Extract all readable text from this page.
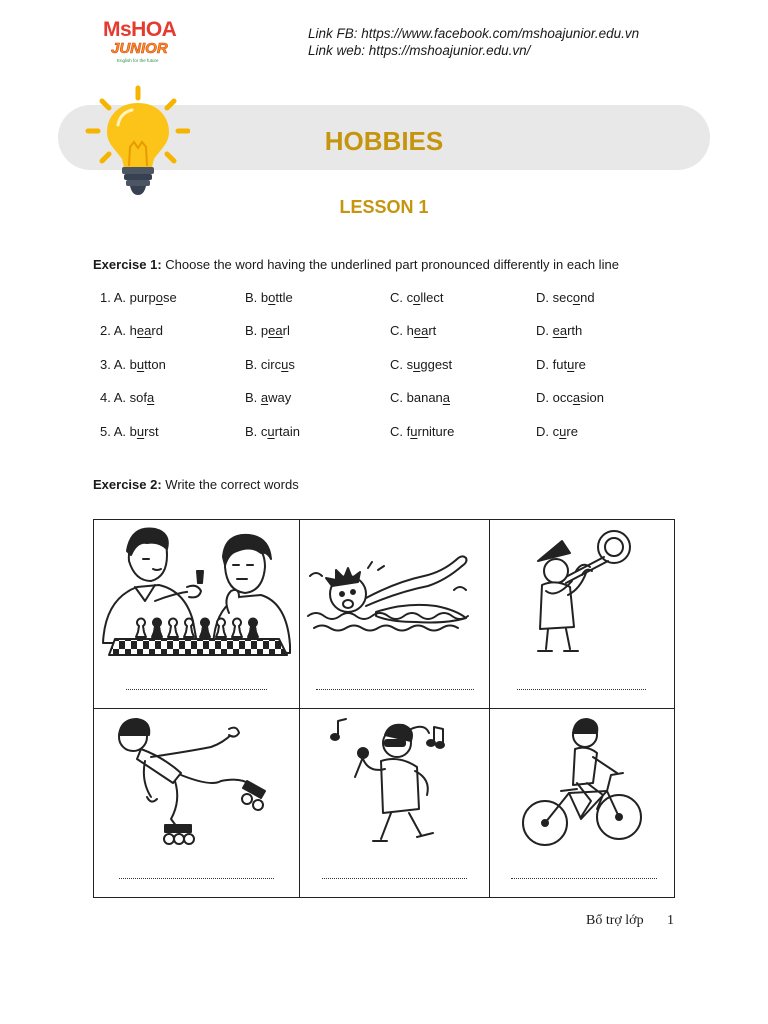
MsHOA
JUNIOR
English for the future
Link FB: https://www.facebook.com/mshoajunior.edu.vn
Link web: https://mshoajunior.edu.vn/
HOBBIES
LESSON 1
Exercise 1: Choose the word having the underlined part pronounced differently in each line
1. A. purpose	B. bottle	C. collect	D. second
2. A. heard	B. pearl	C. heart	D. earth
3. A. button	B. circus	C. suggest	D. future
4. A. sofa	B. away	C. banana	D. occasion
5. A. burst	B. curtain	C. furniture	D. cure
Exercise 2: Write the correct words
Bổ trợ lớp 1
